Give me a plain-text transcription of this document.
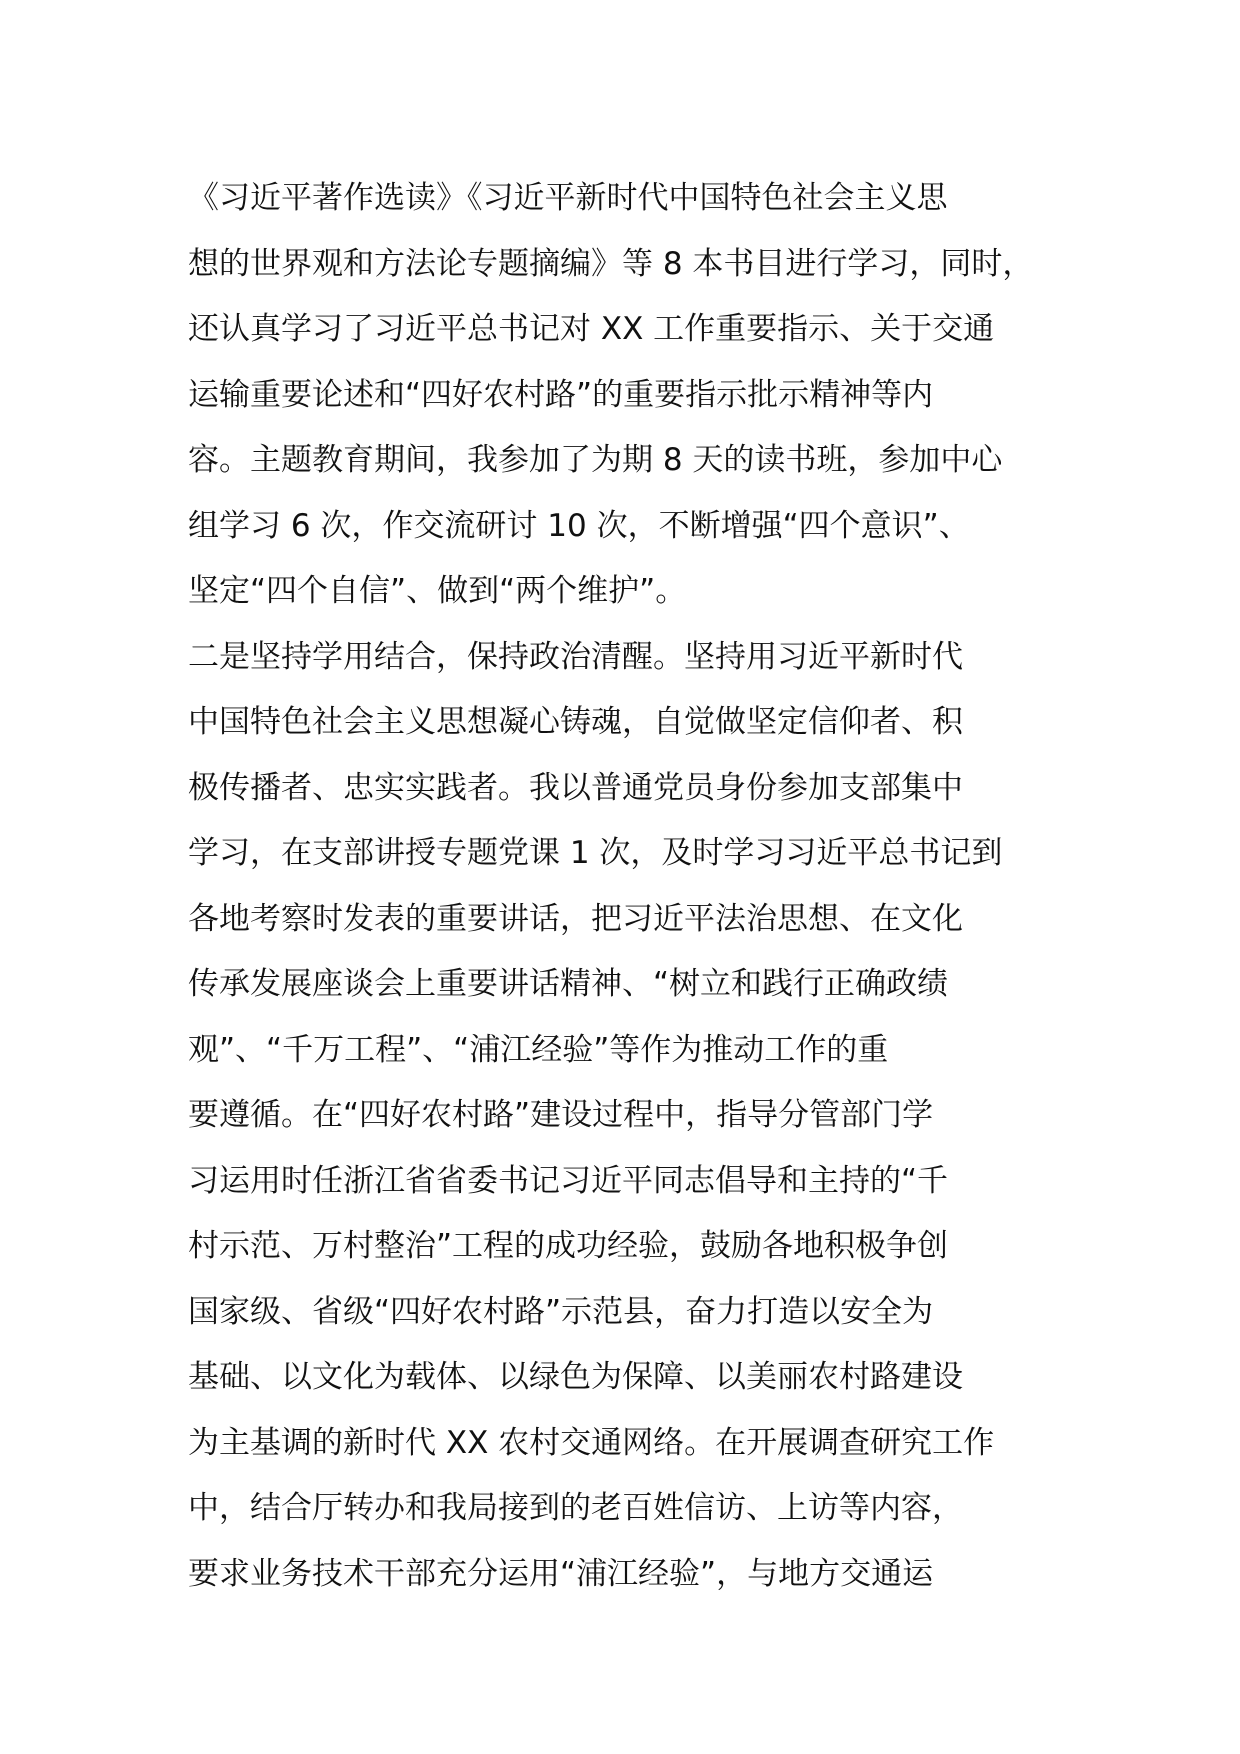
《习近平著作选读》《习近平新时代中国特色社会主义思
想的世界观和方法论专题摘编》等 8 本书目进行学习，同时，
还认真学习了习近平总书记对 XX 工作重要指示、关于交通
运输重要论述和“四好农村路”的重要指示批示精神等内
容。主题教育期间，我参加了为期 8 天的读书班，参加中心
组学习 6 次，作交流研讨 10 次，不断增强“四个意识”、
坚定“四个自信”、做到“两个维护”。
二是坚持学用结合，保持政治清醒。坚持用习近平新时代
中国特色社会主义思想凝心铸魂，自觉做坚定信仰者、积
极传播者、忠实实践者。我以普通党员身份参加支部集中
学习，在支部讲授专题党课 1 次，及时学习习近平总书记到
各地考察时发表的重要讲话，把习近平法治思想、在文化
传承发展座谈会上重要讲话精神、“树立和践行正确政绩
观”、“千万工程”、“浦江经验”等作为推动工作的重
要遵循。在“四好农村路”建设过程中，指导分管部门学
习运用时任浙江省省委书记习近平同志倡导和主持的“千
村示范、万村整治”工程的成功经验，鼓励各地积极争创
国家级、省级“四好农村路”示范县，奋力打造以安全为
基础、以文化为载体、以绿色为保障、以美丽农村路建设
为主基调的新时代 XX 农村交通网络。在开展调查研究工作
中，结合厅转办和我局接到的老百姓信访、上访等内容，
要求业务技术干部充分运用“浦江经验”，与地方交通运
